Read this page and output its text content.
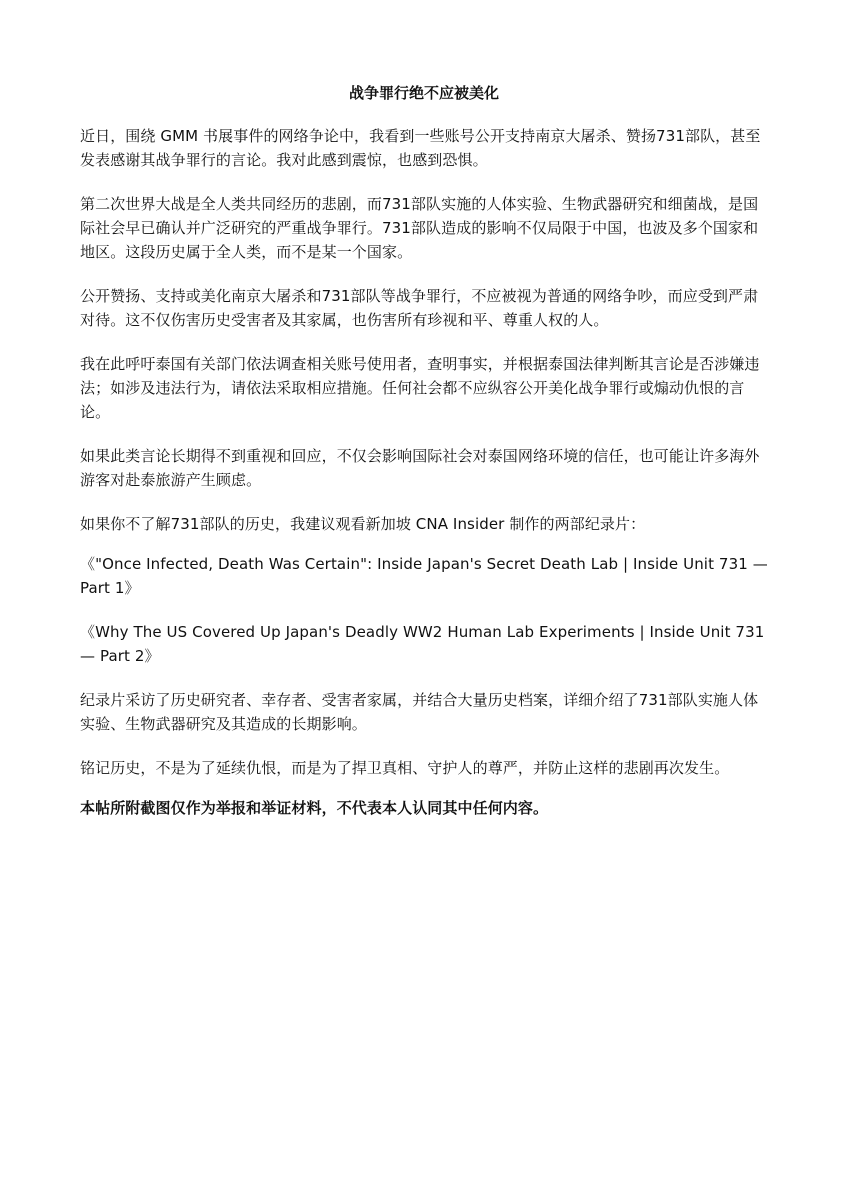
战争罪行绝不应被美化

近日，围绕 GMM 书展事件的网络争论中，我看到一些账号公开支持南京大屠杀、赞扬731部队，甚至发表感谢其战争罪行的言论。我对此感到震惊，也感到恐惧。

第二次世界大战是全人类共同经历的悲剧，而731部队实施的人体实验、生物武器研究和细菌战，是国际社会早已确认并广泛研究的严重战争罪行。731部队造成的影响不仅局限于中国，也波及多个国家和地区。这段历史属于全人类，而不是某一个国家。

公开赞扬、支持或美化南京大屠杀和731部队等战争罪行，不应被视为普通的网络争吵，而应受到严肃对待。这不仅伤害历史受害者及其家属，也伤害所有珍视和平、尊重人权的人。

我在此呼吁泰国有关部门依法调查相关账号使用者，查明事实，并根据泰国法律判断其言论是否涉嫌违法；如涉及违法行为，请依法采取相应措施。任何社会都不应纵容公开美化战争罪行或煽动仇恨的言论。

如果此类言论长期得不到重视和回应，不仅会影响国际社会对泰国网络环境的信任，也可能让许多海外游客对赴泰旅游产生顾虑。

如果你不了解731部队的历史，我建议观看新加坡 CNA Insider 制作的两部纪录片：

《"Once Infected, Death Was Certain": Inside Japan's Secret Death Lab | Inside Unit 731 — Part 1》

《Why The US Covered Up Japan's Deadly WW2 Human Lab Experiments | Inside Unit 731 — Part 2》

纪录片采访了历史研究者、幸存者、受害者家属，并结合大量历史档案，详细介绍了731部队实施人体实验、生物武器研究及其造成的长期影响。

铭记历史，不是为了延续仇恨，而是为了捍卫真相、守护人的尊严，并防止这样的悲剧再次发生。

本帖所附截图仅作为举报和举证材料，不代表本人认同其中任何内容。
